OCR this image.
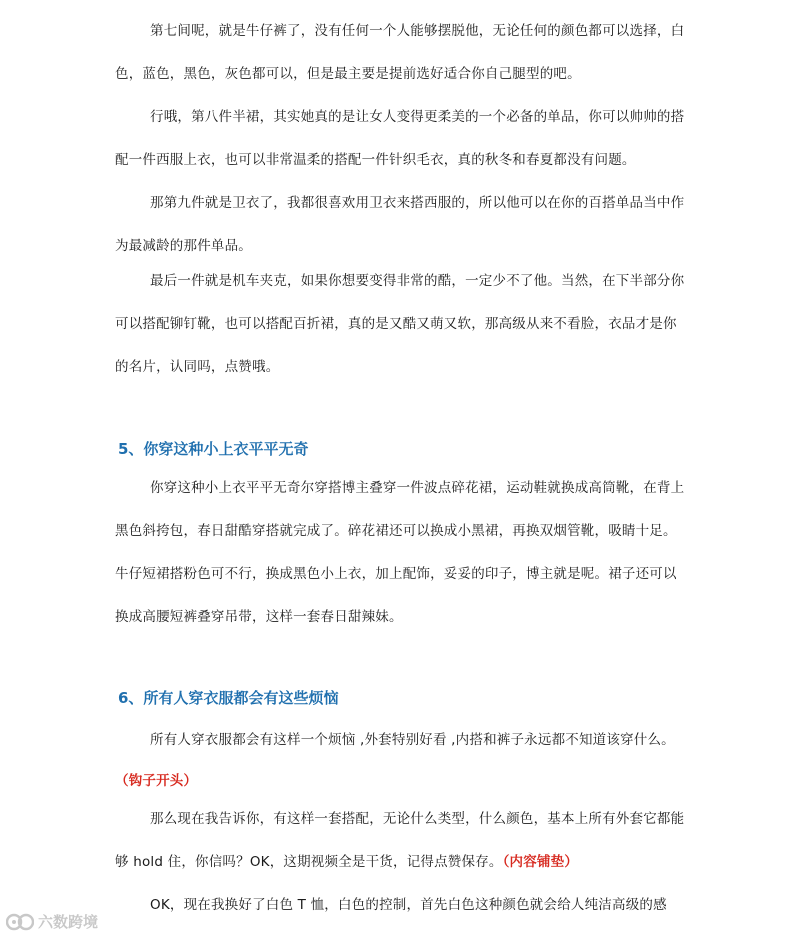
第七间呢，就是牛仔裤了，没有任何一个人能够摆脱他，无论任何的颜色都可以选择，白色，蓝色，黑色，灰色都可以，但是最主要是提前选好适合你自己腿型的吧。

行哦，第八件半裙，其实她真的是让女人变得更柔美的一个必备的单品，你可以帅帅的搭配一件西服上衣，也可以非常温柔的搭配一件针织毛衣，真的秋冬和春夏都没有问题。

那第九件就是卫衣了，我都很喜欢用卫衣来搭西服的，所以他可以在你的百搭单品当中作为最减龄的那件单品。

最后一件就是机车夹克，如果你想要变得非常的酷，一定少不了他。当然，在下半部分你可以搭配铆钉靴，也可以搭配百折裙，真的是又酷又萌又软，那高级从来不看脸，衣品才是你的名片，认同吗，点赞哦。

5、你穿这种小上衣平平无奇

你穿这种小上衣平平无奇尔穿搭博主叠穿一件波点碎花裙，运动鞋就换成高筒靴，在背上黑色斜挎包，春日甜酷穿搭就完成了。碎花裙还可以换成小黑裙，再换双烟管靴，吸睛十足。牛仔短裙搭粉色可不行，换成黑色小上衣，加上配饰，妥妥的印子，博主就是呢。裙子还可以换成高腰短裤叠穿吊带，这样一套春日甜辣妹。

6、所有人穿衣服都会有这些烦恼

所有人穿衣服都会有这样一个烦恼 ,外套特别好看 ,内搭和裤子永远都不知道该穿什么。

（钩子开头）

那么现在我告诉你，有这样一套搭配，无论什么类型，什么颜色，基本上所有外套它都能够 hold 住，你信吗？OK，这期视频全是干货，记得点赞保存。（内容铺垫）

OK，现在我换好了白色 T 恤，白色的控制，首先白色这种颜色就会给人纯洁高级的感

六数跨境
